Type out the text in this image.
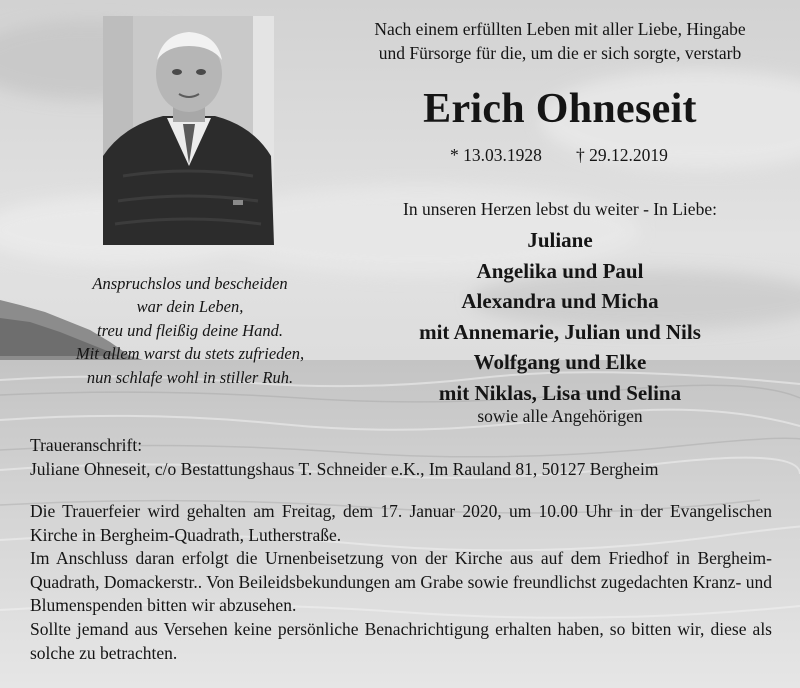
Nach einem erfüllten Leben mit aller Liebe, Hingabe
und Fürsorge für die, um die er sich sorgte, verstarb
Erich Ohneseit
* 13.03.1928 † 29.12.2019
In unseren Herzen lebst du weiter - In Liebe:
Juliane
Angelika und Paul
Alexandra und Micha
mit Annemarie, Julian und Nils
Wolfgang und Elke
mit Niklas, Lisa und Selina
sowie alle Angehörigen
Anspruchslos und bescheiden
war dein Leben,
treu und fleißig deine Hand.
Mit allem warst du stets zufrieden,
nun schlafe wohl in stiller Ruh.
Traueranschrift:
Juliane Ohneseit, c/o Bestattungshaus T. Schneider e.K., Im Rauland 81, 50127 Bergheim

Die Trauerfeier wird gehalten am Freitag, dem 17. Januar 2020, um 10.00 Uhr in der Evangelischen Kirche in Bergheim-Quadrath, Lutherstraße.

Im Anschluss daran erfolgt die Urnenbeisetzung von der Kirche aus auf dem Friedhof in Bergheim-Quadrath, Domackerstr.. Von Beileidsbekundungen am Grabe sowie freundlichst zugedachten Kranz- und Blumenspenden bitten wir abzusehen.

Sollte jemand aus Versehen keine persönliche Benachrichtigung erhalten haben, so bitten wir, diese als solche zu betrachten.
